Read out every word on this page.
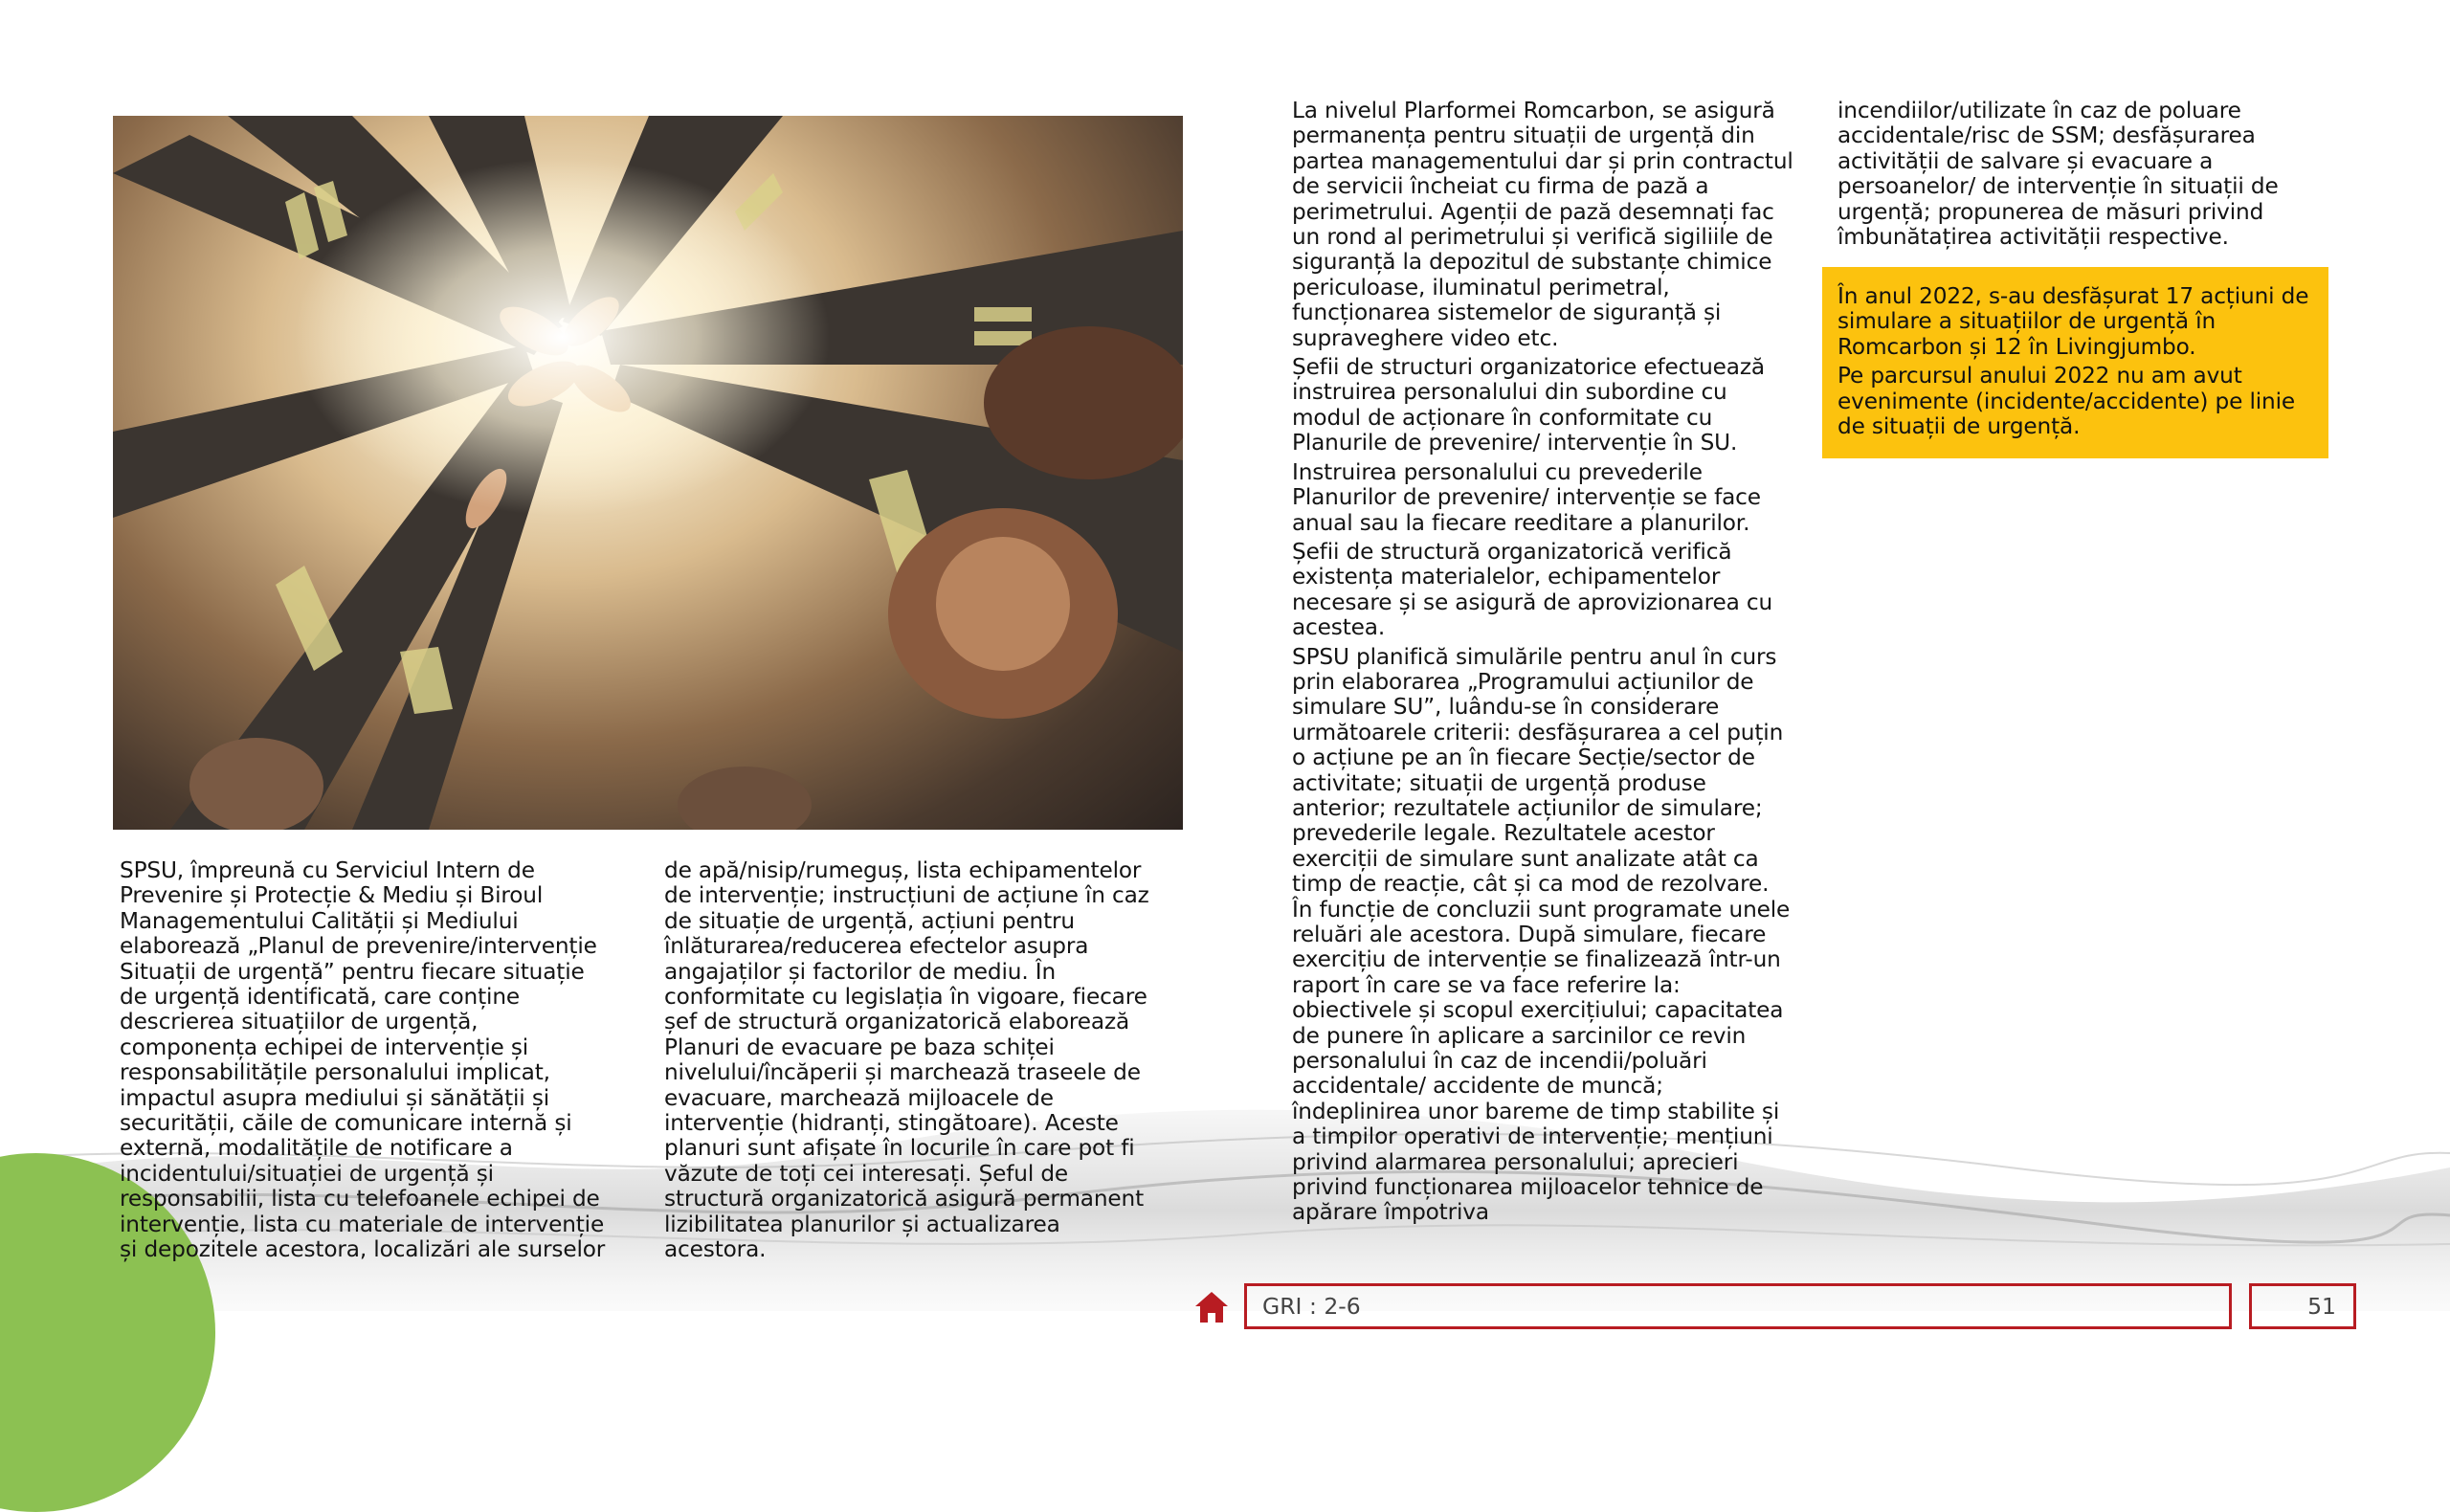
SPSU, împreună cu Serviciul Intern de
Prevenire și Protecție & Mediu și Biroul
Managementului Calității și Mediului
elaborează „Planul de prevenire/intervenție
Situații de urgență” pentru fiecare situație
de urgență identificată, care conține
descrierea situațiilor de urgență,
componența echipei de intervenție și
responsabilitățile personalului implicat,
impactul asupra mediului și sănătății și
securității, căile de comunicare internă și
externă, modalitățile de notificare a
incidentului/situației de urgență și
responsabilii, lista cu telefoanele echipei de
intervenție, lista cu materiale de intervenție
și depozitele acestora, localizări ale surselor
de apă/nisip/rumeguș, lista echipamentelor
de intervenție; instrucțiuni de acțiune în caz
de situație de urgență, acțiuni pentru
înlăturarea/reducerea efectelor asupra
angajaților și factorilor de mediu. În
conformitate cu legislația în vigoare, fiecare
șef de structură organizatorică elaborează
Planuri de evacuare pe baza schiței
nivelului/încăperii și marchează traseele de
evacuare, marchează mijloacele de
intervenție (hidranți, stingătoare). Aceste
planuri sunt afișate în locurile în care pot fi
văzute de toți cei interesați. Șeful de
structură organizatorică asigură permanent
lizibilitatea planurilor și actualizarea
acestora.

La nivelul Plarformei Romcarbon, se asigură
permanența pentru situații de urgență din
partea managementului dar și prin contractul
de servicii încheiat cu firma de pază a
perimetrului. Agenții de pază desemnați fac
un rond al perimetrului și verifică sigiliile de
siguranță la depozitul de substanțe chimice
periculoase, iluminatul perimetral,
funcționarea sistemelor de siguranță și
supraveghere video etc.

Șefii de structuri organizatorice efectuează
instruirea personalului din subordine cu
modul de acționare în conformitate cu
Planurile de prevenire/ intervenție în SU.

Instruirea personalului cu prevederile
Planurilor de prevenire/ intervenție se face
anual sau la fiecare reeditare a planurilor.

Șefii de structură organizatorică verifică
existența materialelor, echipamentelor
necesare și se asigură de aprovizionarea cu
acestea.

SPSU planifică simulările pentru anul în curs
prin elaborarea „Programului acțiunilor de
simulare SU”, luându-se în considerare
următoarele criterii: desfășurarea a cel puțin
o acțiune pe an în fiecare Secție/sector de
activitate; situații de urgență produse
anterior; rezultatele acțiunilor de simulare;
prevederile legale. Rezultatele acestor
exerciții de simulare sunt analizate atât ca
timp de reacție, cât și ca mod de rezolvare.
În funcție de concluzii sunt programate unele
reluări ale acestora. După simulare, fiecare
exercițiu de intervenție se finalizează într-un
raport în care se va face referire la:
obiectivele și scopul exercițiului; capacitatea
de punere în aplicare a sarcinilor ce revin
personalului în caz de incendii/poluări
accidentale/ accidente de muncă;
îndeplinirea unor bareme de timp stabilite și
a timpilor operativi de intervenție; mențiuni
privind alarmarea personalului; aprecieri
privind funcționarea mijloacelor tehnice de
apărare împotriva

incendiilor/utilizate în caz de poluare
accidentale/risc de SSM; desfășurarea
activității de salvare și evacuare a
persoanelor/ de intervenție în situații de
urgență; propunerea de măsuri privind
îmbunătațirea activității respective.

În anul 2022, s-au desfășurat 17 acțiuni de
simulare a situațiilor de urgență în
Romcarbon și 12 în Livingjumbo.

Pe parcursul anului 2022 nu am avut
evenimente (incidente/accidente) pe linie
de situații de urgență.

GRI : 2-6	51
